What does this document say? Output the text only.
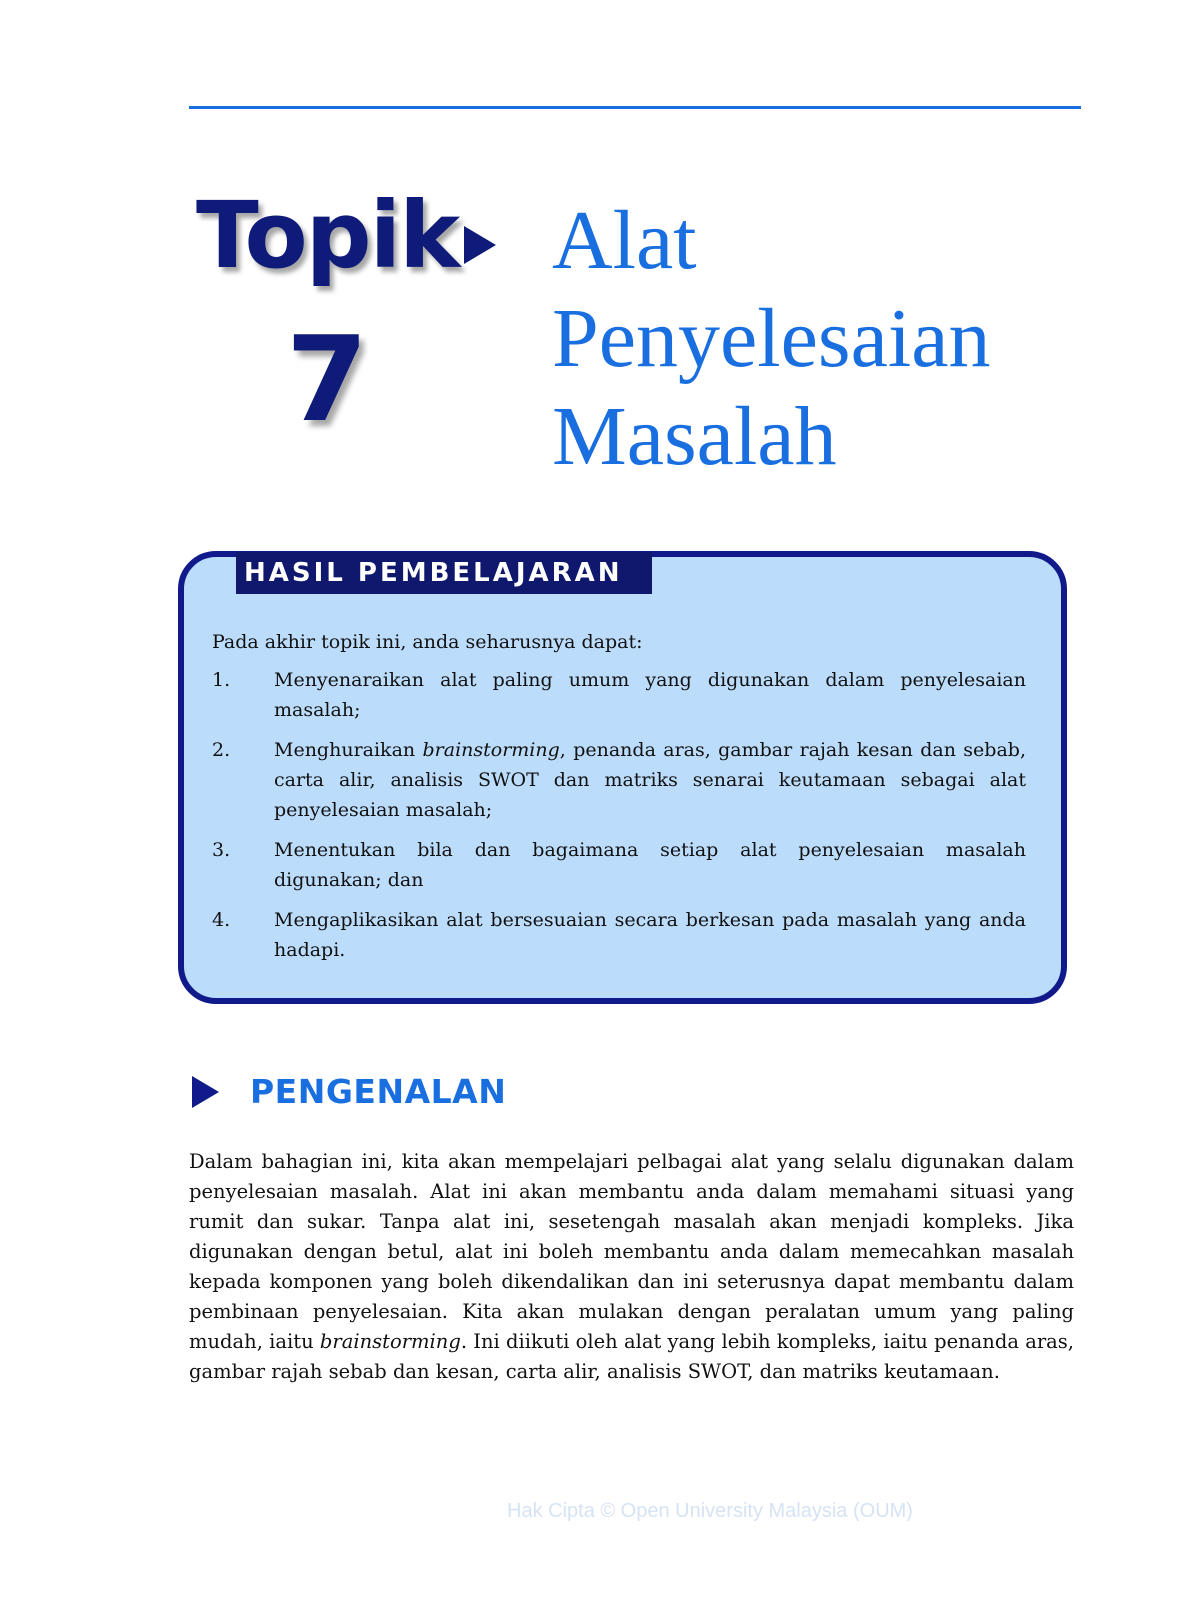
Topik
7
Alat
Penyelesaian
Masalah
HASIL PEMBELAJARAN

Pada akhir topik ini, anda seharusnya dapat:

1.	Menyenaraikan alat paling umum yang digunakan dalam penyelesaian masalah;
2.	Menghuraikan brainstorming, penanda aras, gambar rajah kesan dan sebab, carta alir, analisis SWOT dan matriks senarai keutamaan sebagai alat penyelesaian masalah;
3.	Menentukan bila dan bagaimana setiap alat penyelesaian masalah digunakan; dan
4.	Mengaplikasikan alat bersesuaian secara berkesan pada masalah yang anda hadapi.
PENGENALAN

Dalam bahagian ini, kita akan mempelajari pelbagai alat yang selalu digunakan dalam penyelesaian masalah. Alat ini akan membantu anda dalam memahami situasi yang rumit dan sukar. Tanpa alat ini, sesetengah masalah akan menjadi kompleks. Jika digunakan dengan betul, alat ini boleh membantu anda dalam memecahkan masalah kepada komponen yang boleh dikendalikan dan ini seterusnya dapat membantu dalam pembinaan penyelesaian. Kita akan mulakan dengan peralatan umum yang paling mudah, iaitu brainstorming. Ini diikuti oleh alat yang lebih kompleks, iaitu penanda aras, gambar rajah sebab dan kesan, carta alir, analisis SWOT, dan matriks keutamaan.

Hak Cipta © Open University Malaysia (OUM)
